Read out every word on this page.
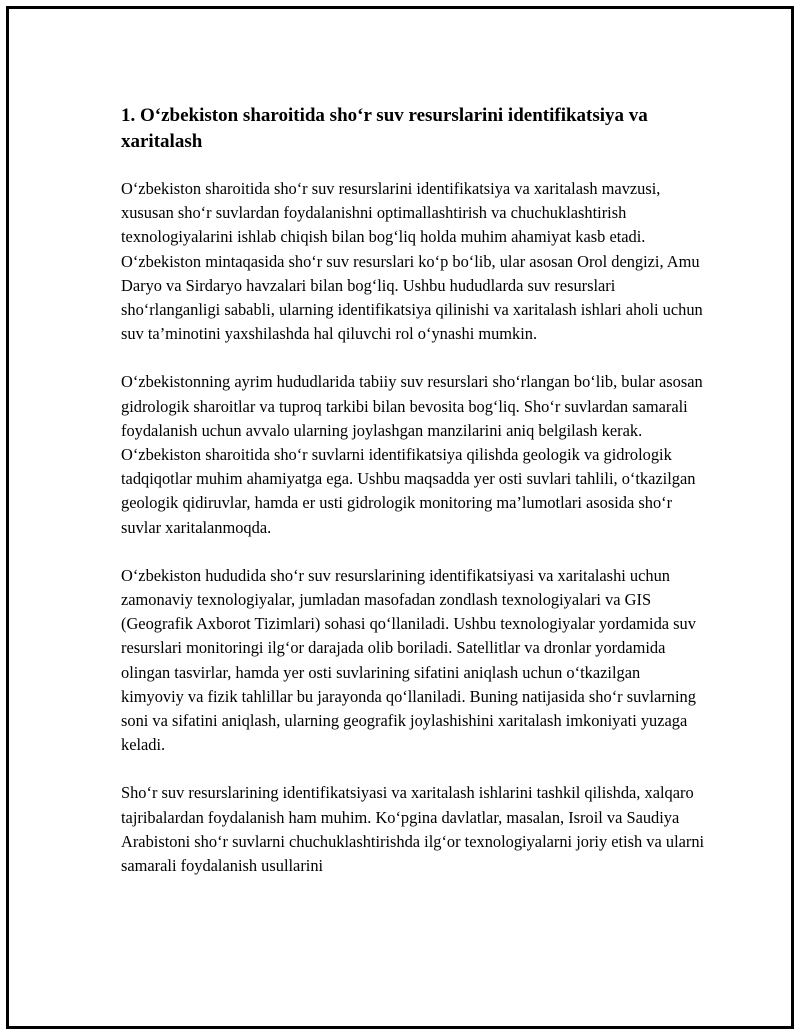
1. O‘zbekiston sharoitida sho‘r suv resurslarini identifikatsiya va xaritalash

O‘zbekiston sharoitida sho‘r suv resurslarini identifikatsiya va xaritalash mavzusi, xususan sho‘r suvlardan foydalanishni optimallashtirish va chuchuklashtirish texnologiyalarini ishlab chiqish bilan bog‘liq holda muhim ahamiyat kasb etadi. O‘zbekiston mintaqasida sho‘r suv resurslari ko‘p bo‘lib, ular asosan Orol dengizi, Amu Daryo va Sirdaryo havzalari bilan bog‘liq. Ushbu hududlarda suv resurslari sho‘rlanganligi sababli, ularning identifikatsiya qilinishi va xaritalash ishlari aholi uchun suv ta’minotini yaxshilashda hal qiluvchi rol o‘ynashi mumkin.

O‘zbekistonning ayrim hududlarida tabiiy suv resurslari sho‘rlangan bo‘lib, bular asosan gidrologik sharoitlar va tuproq tarkibi bilan bevosita bog‘liq. Sho‘r suvlardan samarali foydalanish uchun avvalo ularning joylashgan manzilarini aniq belgilash kerak. O‘zbekiston sharoitida sho‘r suvlarni identifikatsiya qilishda geologik va gidrologik tadqiqotlar muhim ahamiyatga ega. Ushbu maqsadda yer osti suvlari tahlili, o‘tkazilgan geologik qidiruvlar, hamda er usti gidrologik monitoring ma’lumotlari asosida sho‘r suvlar xaritalanmoqda.

O‘zbekiston hududida sho‘r suv resurslarining identifikatsiyasi va xaritalashi uchun zamonaviy texnologiyalar, jumladan masofadan zondlash texnologiyalari va GIS (Geografik Axborot Tizimlari) sohasi qo‘llaniladi. Ushbu texnologiyalar yordamida suv resurslari monitoringi ilg‘or darajada olib boriladi. Satellitlar va dronlar yordamida olingan tasvirlar, hamda yer osti suvlarining sifatini aniqlash uchun o‘tkazilgan kimyoviy va fizik tahlillar bu jarayonda qo‘llaniladi. Buning natijasida sho‘r suvlarning soni va sifatini aniqlash, ularning geografik joylashishini xaritalash imkoniyati yuzaga keladi.

Sho‘r suv resurslarining identifikatsiyasi va xaritalash ishlarini tashkil qilishda, xalqaro tajribalardan foydalanish ham muhim. Ko‘pgina davlatlar, masalan, Isroil va Saudiya Arabistoni sho‘r suvlarni chuchuklashtirishda ilg‘or texnologiyalarni joriy etish va ularni samarali foydalanish usullarini
